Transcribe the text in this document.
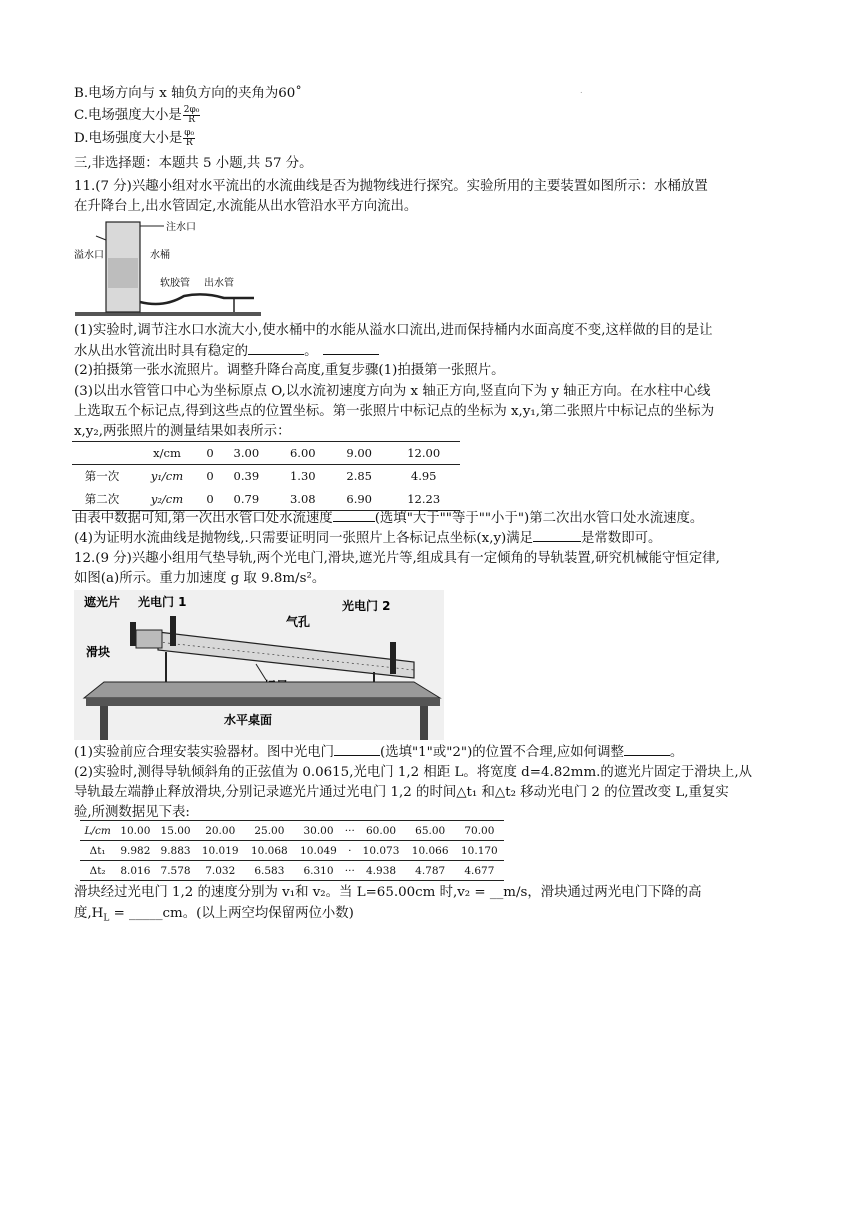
.
B.电场方向与 x 轴负方向的夹角为60˚
C.电场强度大小是 $\frac{\text{2φ₀}}{R}$
D.电场强度大小是 $\frac{\text{φ₀}}{R}$
三,非选择题：本题共 5 小题,共 57 分。
11.(7 分)兴趣小组对水平流出的水流曲线是否为抛物线进行探究。实验所用的主要装置如图所示：水桶放置
在升降台上,出水管固定,水流能从出水管沿水平方向流出。
注水口
溢水口	水桶
软胶管 出水管
(1)实验时,调节注水口水流大小,使水桶中的水能从溢水口流出,进而保持桶内水面高度不变,这样做的目的是让
水从出水管流出时具有稳定的	。
(2)拍摄第一张水流照片。调整升降台高度,重复步骤(1)拍摄第一张照片。
(3)以出水管管口中心为坐标原点 O,以水流初速度方向为 x 轴正方向,竖直向下为 y 轴正方向。在水柱中心线
上选取五个标记点,得到这些点的位置坐标。第一张照片中标记点的坐标为 x,y₁,第二张照片中标记点的坐标为
x,y₂,两张照片的测量结果如表所示：
	x/cm	0	3.00	6.00	9.00	12.00
第一次	y₁/cm	0	0.39	1.30	2.85	4.95
第二次	y₂/cm	0	0.79	3.08	6.90	12.23
由表中数据可知,第一次出水管口处水流速度	(选填"大于""等于""小于")第二次出水管口处水流速度。
(4)为证明水流曲线是抛物线,.只需要证明同一张照片上各标记点坐标(x,y)满足	是常数即可。
12.(9 分)兴趣小组用气垫导轨,两个光电门,滑块,遮光片等,组成具有一定倾角的导轨装置,研究机械能守恒定律,
如图(a)所示。重力加速度 g 取 9.8m/s²。
遮光片 光电门 1	光电门 2
气孔
滑块
水平桌面
(1)实验前应合理安装实验器材。图中光电门	(选填"1"或"2")的位置不合理,应如何调整	。
(2)实验时,测得导轨倾斜角的正弦值为 0.0615,光电门 1,2 相距 L。将宽度 d=4.82mm.的遮光片固定于滑块上,从
导轨最左端静止释放滑块,分别记录遮光片通过光电门 1,2 的时间△t₁ 和△t₂ 移动光电门 2 的位置改变 L,重复实
验,所测数据见下表:
L/cm	10.00	15.00	20.00	25.00	30.00	···	60.00	65.00	70.00
Δt₁	9.982	9.883	10.019	10.068	10.049	·	10.073	10.066	10.170
Δt₂	8.016	7.578	7.032	6.583	6.310	···	4.938	4.787	4.677
滑块经过光电门 1,2 的速度分别为 v₁和 v₂。当 L=65.00cm 时,v₂ = __m/s，滑块通过两光电门下降的高
度$,H_L$ = _____cm。(以上两空均保留两位小数)
